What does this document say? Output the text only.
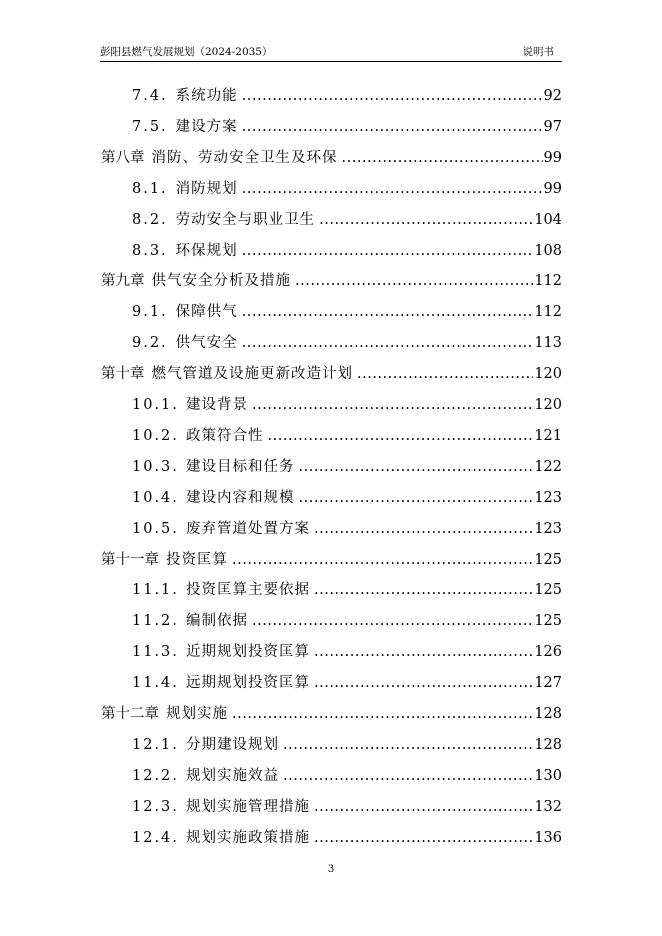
彭阳县燃气发展规划（2024-2035）	说明书
7.4. 系统功能 .....	92
7.5. 建设方案 .....	97
第八章 消防、劳动安全卫生及环保 .....	99
8.1. 消防规划 .....	99
8.2. 劳动安全与职业卫生 .....	104
8.3. 环保规划 .....	108
第九章 供气安全分析及措施 .....	112
9.1. 保障供气 .....	112
9.2. 供气安全 .....	113
第十章 燃气管道及设施更新改造计划 .....	120
10.1. 建设背景 .....	120
10.2. 政策符合性 .....	121
10.3. 建设目标和任务 .....	122
10.4. 建设内容和规模 .....	123
10.5. 废弃管道处置方案 .....	123
第十一章 投资匡算 .....	125
11.1. 投资匡算主要依据 .....	125
11.2. 编制依据 .....	125
11.3. 近期规划投资匡算 .....	126
11.4. 远期规划投资匡算 .....	127
第十二章 规划实施 .....	128
12.1. 分期建设规划 .....	128
12.2. 规划实施效益 .....	130
12.3. 规划实施管理措施 .....	132
12.4. 规划实施政策措施 .....	136
3
